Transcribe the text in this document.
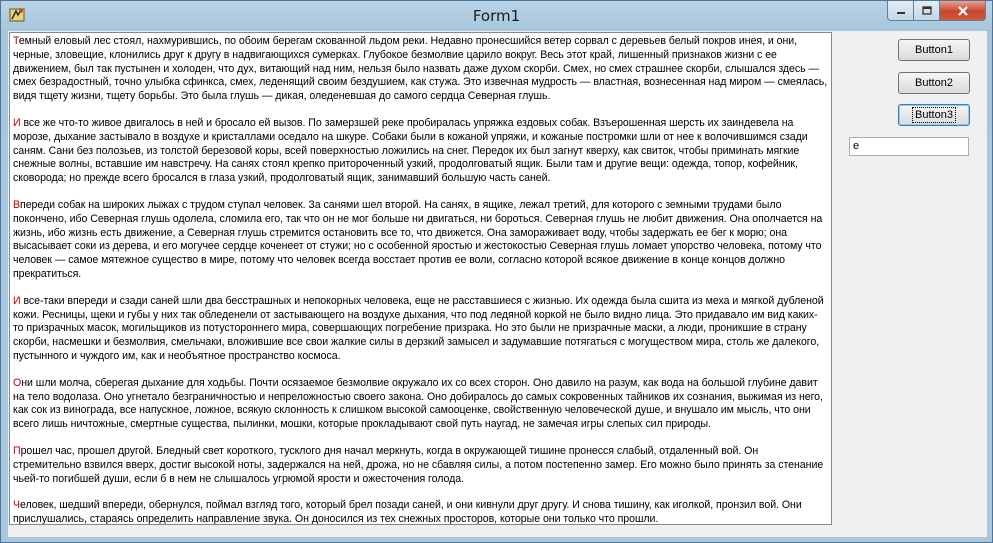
Form1

Темный еловый лес стоял, нахмурившись, по обоим берегам скованной льдом реки. Недавно пронесшийся ветер сорвал с деревьев белый покров инея, и они, черные, зловещие, клонились друг к другу в надвигающихся сумерках. Глубокое безмолвие царило вокруг. Весь этот край, лишенный признаков жизни с ее движением, был так пустынен и холоден, что дух, витающий над ним, нельзя было назвать даже духом скорби. Смех, но смех страшнее скорби, слышался здесь — смех безрадостный, точно улыбка сфинкса, смех, леденящий своим бездушием, как стужа. Это извечная мудрость — властная, вознесенная над миром — смеялась, видя тщету жизни, тщету борьбы. Это была глушь — дикая, оледеневшая до самого сердца Северная глушь.

И все же что-то живое двигалось в ней и бросало ей вызов. По замерзшей реке пробиралась упряжка ездовых собак. Взъерошенная шерсть их заиндевела на морозе, дыхание застывало в воздухе и кристаллами оседало на шкуре. Собаки были в кожаной упряжи, и кожаные постромки шли от нее к волочившимся сзади саням. Сани без полозьев, из толстой березовой коры, всей поверхностью ложились на снег. Передок их был загнут кверху, как свиток, чтобы приминать мягкие снежные волны, вставшие им навстречу. На санях стоял крепко притороченный узкий, продолговатый ящик. Были там и другие вещи: одежда, топор, кофейник, сковорода; но прежде всего бросался в глаза узкий, продолговатый ящик, занимавший большую часть саней.

Впереди собак на широких лыжах с трудом ступал человек. За санями шел второй. На санях, в ящике, лежал третий, для которого с земными трудами было покончено, ибо Северная глушь одолела, сломила его, так что он не мог больше ни двигаться, ни бороться. Северная глушь не любит движения. Она ополчается на жизнь, ибо жизнь есть движение, а Северная глушь стремится остановить все то, что движется. Она замораживает воду, чтобы задержать ее бег к морю; она высасывает соки из дерева, и его могучее сердце коченеет от стужи; но с особенной яростью и жестокостью Северная глушь ломает упорство человека, потому что человек — самое мятежное существо в мире, потому что человек всегда восстает против ее воли, согласно которой всякое движение в конце концов должно прекратиться.

И все-таки впереди и сзади саней шли два бесстрашных и непокорных человека, еще не расставшиеся с жизнью. Их одежда была сшита из меха и мягкой дубленой кожи. Ресницы, щеки и губы у них так обледенели от застывающего на воздухе дыхания, что под ледяной коркой не было видно лица. Это придавало им вид каких-то призрачных масок, могильщиков из потустороннего мира, совершающих погребение призрака. Но это были не призрачные маски, а люди, проникшие в страну скорби, насмешки и безмолвия, смельчаки, вложившие все свои жалкие силы в дерзкий замысел и задумавшие потягаться с могуществом мира, столь же далекого, пустынного и чуждого им, как и необъятное пространство космоса.

Они шли молча, сберегая дыхание для ходьбы. Почти осязаемое безмолвие окружало их со всех сторон. Оно давило на разум, как вода на большой глубине давит на тело водолаза. Оно угнетало безграничностью и непреложностью своего закона. Оно добиралось до самых сокровенных тайников их сознания, выжимая из него, как сок из винограда, все напускное, ложное, всякую склонность к слишком высокой самооценке, свойственную человеческой душе, и внушало им мысль, что они всего лишь ничтожные, смертные существа, пылинки, мошки, которые прокладывают свой путь наугад, не замечая игры слепых сил природы.

Прошел час, прошел другой. Бледный свет короткого, тусклого дня начал меркнуть, когда в окружающей тишине пронесся слабый, отдаленный вой. Он стремительно взвился вверх, достиг высокой ноты, задержался на ней, дрожа, но не сбавляя силы, а потом постепенно замер. Его можно было принять за стенание чьей-то погибшей души, если б в нем не слышалось угрюмой ярости и ожесточения голода.

Человек, шедший впереди, обернулся, поймал взгляд того, который брел позади саней, и они кивнули друг другу. И снова тишину, как иголкой, пронзил вой. Они прислушались, стараясь определить направление звука. Он доносился из тех снежных просторов, которые они только что прошли.

Button1
Button2
Button3
e
